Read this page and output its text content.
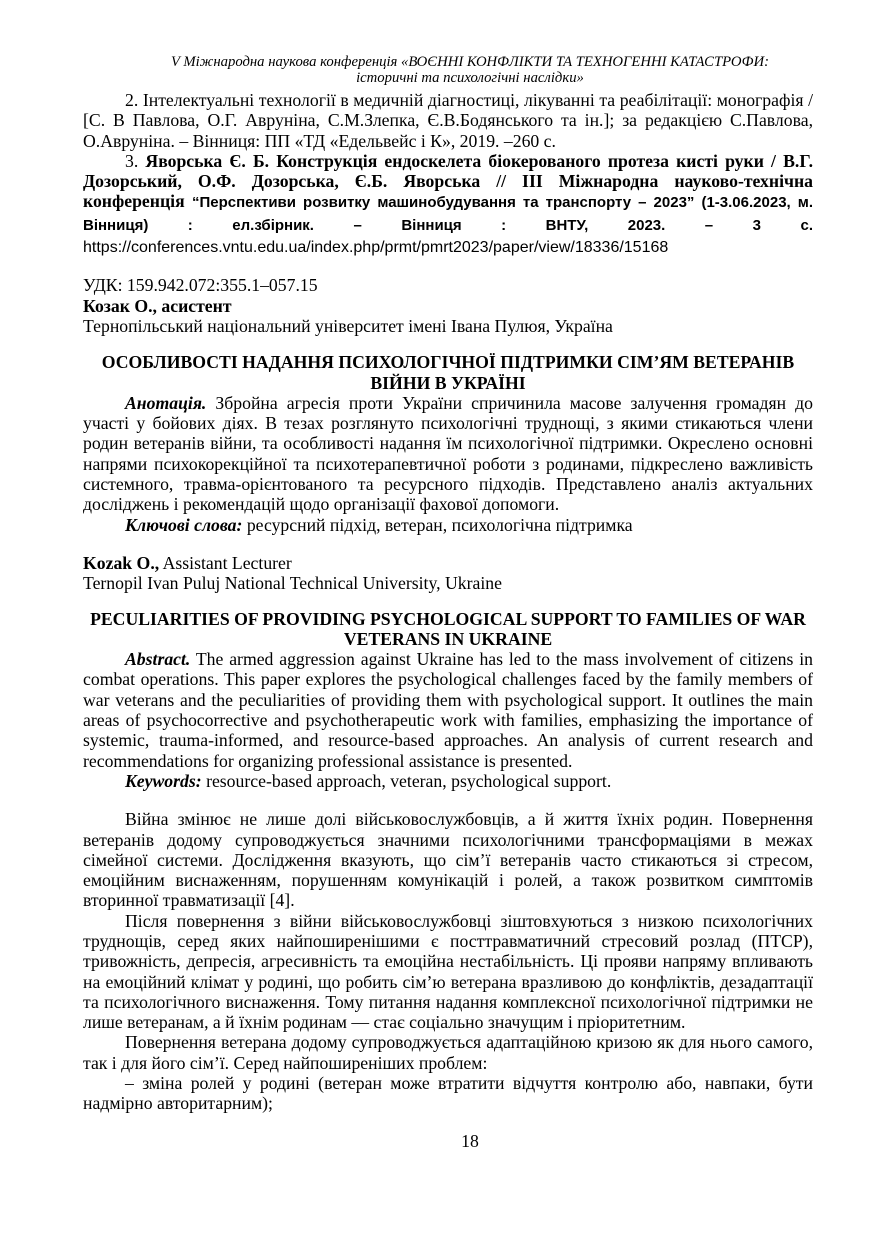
V Міжнародна наукова конференція «ВОЄННІ КОНФЛІКТИ ТА ТЕХНОГЕННІ КАТАСТРОФИ:
історичні та психологічні наслідки»

2. Інтелектуальні технології в медичній діагностиці, лікуванні та реабілітації: монографія / [С. В Павлова, О.Г. Авруніна, С.М.Злепка, Є.В.Бодянського та ін.]; за редакцією С.Павлова, О.Авруніна. – Вінниця: ПП «ТД «Едельвейс і К», 2019. –260 с.

3. Яворська Є. Б. Конструкція ендоскелета біокерованого протеза кисті руки / В.Г. Дозорський, О.Ф. Дозорська, Є.Б. Яворська // ІІІ Міжнародна науково-технічна конференція “Перспективи розвитку машинобудування та транспорту – 2023” (1-3.06.2023, м. Вінниця) : ел.збірник. – Вінниця : ВНТУ, 2023. – 3 с. https://conferences.vntu.edu.ua/index.php/prmt/pmrt2023/paper/view/18336/15168

УДК: 159.942.072:355.1–057.15

Козак О., асистент

Тернопільський національний університет імені Івана Пулюя, Україна

ОСОБЛИВОСТІ НАДАННЯ ПСИХОЛОГІЧНОЇ ПІДТРИМКИ СІМ’ЯМ ВЕТЕРАНІВ ВІЙНИ В УКРАЇНІ

Анотація. Збройна агресія проти України спричинила масове залучення громадян до участі у бойових діях. В тезах розглянуто психологічні труднощі, з якими стикаються члени родин ветеранів війни, та особливості надання їм психологічної підтримки. Окреслено основні напрями психокорекційної та психотерапевтичної роботи з родинами, підкреслено важливість системного, травма-орієнтованого та ресурсного підходів. Представлено аналіз актуальних досліджень і рекомендацій щодо організації фахової допомоги.

Ключові слова: ресурсний підхід, ветеран, психологічна підтримка

Kozak O., Assistant Lecturer

Ternopil Ivan Puluj National Technical University, Ukraine

PECULIARITIES OF PROVIDING PSYCHOLOGICAL SUPPORT TO FAMILIES OF WAR VETERANS IN UKRAINE

Abstract. The armed aggression against Ukraine has led to the mass involvement of citizens in combat operations. This paper explores the psychological challenges faced by the family members of war veterans and the peculiarities of providing them with psychological support. It outlines the main areas of psychocorrective and psychotherapeutic work with families, emphasizing the importance of systemic, trauma-informed, and resource-based approaches. An analysis of current research and recommendations for organizing professional assistance is presented.

Keywords: resource-based approach, veteran, psychological support.

Війна змінює не лише долі військовослужбовців, а й життя їхніх родин. Повернення ветеранів додому супроводжується значними психологічними трансформаціями в межах сімейної системи. Дослідження вказують, що сім’ї ветеранів часто стикаються зі стресом, емоційним виснаженням, порушенням комунікацій і ролей, а також розвитком симптомів вторинної травматизації [4].

Після повернення з війни військовослужбовці зіштовхуються з низкою психологічних труднощів, серед яких найпоширенішими є посттравматичний стресовий розлад (ПТСР), тривожність, депресія, агресивність та емоційна нестабільність. Ці прояви напряму впливають на емоційний клімат у родині, що робить сім’ю ветерана вразливою до конфліктів, дезадаптації та психологічного виснаження. Тому питання надання комплексної психологічної підтримки не лише ветеранам, а й їхнім родинам — стає соціально значущим і пріоритетним.

Повернення ветерана додому супроводжується адаптаційною кризою як для нього самого, так і для його сім’ї. Серед найпоширеніших проблем:

– зміна ролей у родині (ветеран може втратити відчуття контролю або, навпаки, бути надмірно авторитарним);

18
